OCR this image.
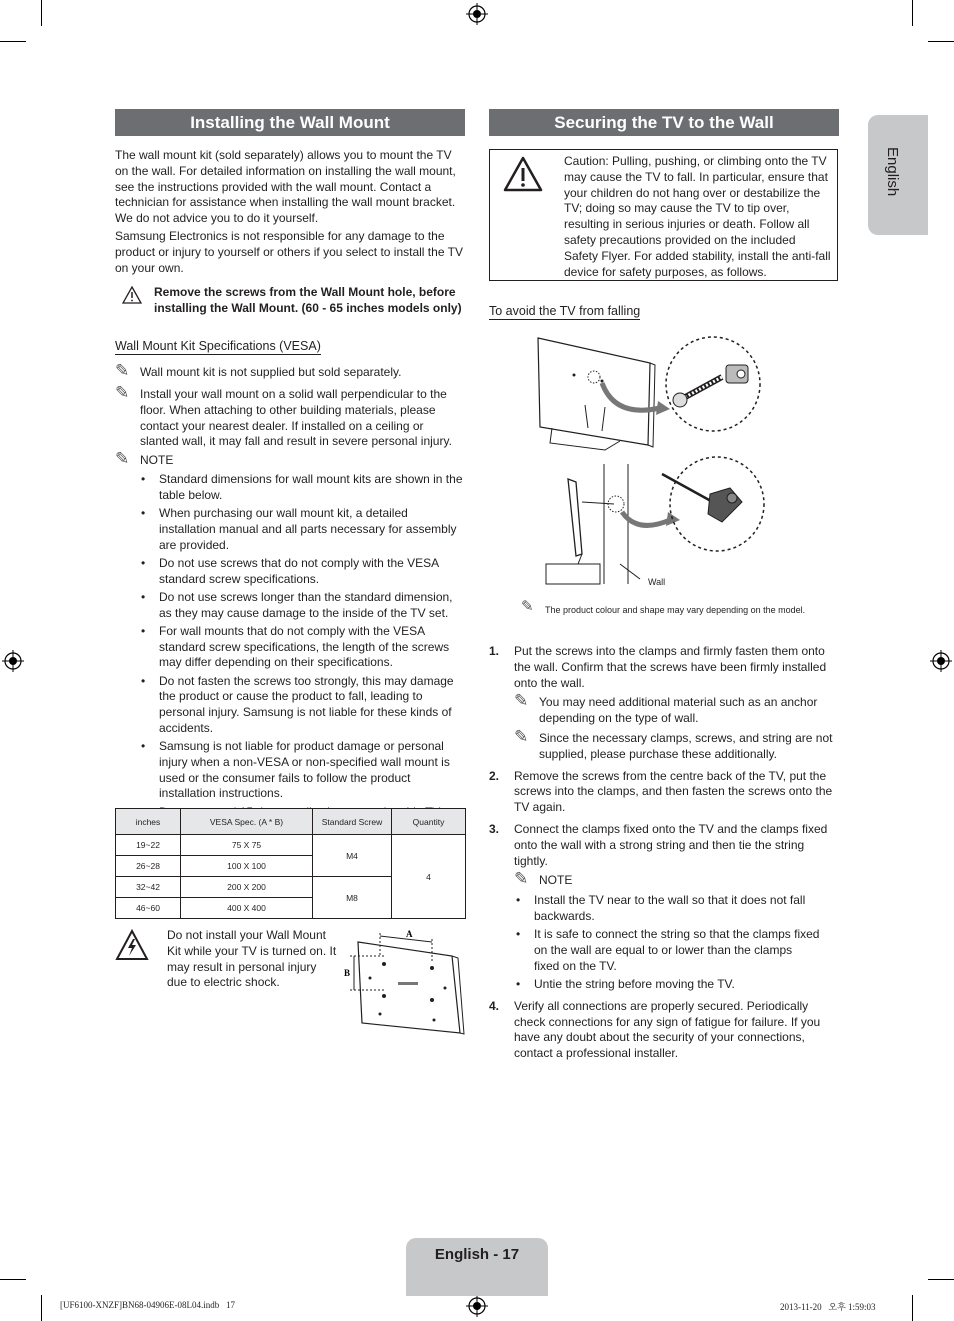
English
Installing the Wall Mount
The wall mount kit (sold separately) allows you to mount the TV on the wall. For detailed information on installing the wall mount, see the instructions provided with the wall mount. Contact a technician for assistance when installing the wall mount bracket. We do not advice you to do it yourself.
Samsung Electronics is not responsible for any damage to the product or injury to yourself or others if you select to install the TV on your own.
Remove the screws from the Wall Mount hole, before installing the Wall Mount. (60 - 65 inches models only)
Wall Mount Kit Specifications (VESA)
✎ Wall mount kit is not supplied but sold separately.
✎ Install your wall mount on a solid wall perpendicular to the floor. When attaching to other building materials, please contact your nearest dealer. If installed on a ceiling or slanted wall, it may fall and result in severe personal injury.
✎ NOTE
• Standard dimensions for wall mount kits are shown in the table below.
• When purchasing our wall mount kit, a detailed installation manual and all parts necessary for assembly are provided.
• Do not use screws that do not comply with the VESA standard screw specifications.
• Do not use screws longer than the standard dimension, as they may cause damage to the inside of the TV set.
• For wall mounts that do not comply with the VESA standard screw specifications, the length of the screws may differ depending on their specifications.
• Do not fasten the screws too strongly, this may damage the product or cause the product to fall, leading to personal injury. Samsung is not liable for these kinds of accidents.
• Samsung is not liable for product damage or personal injury when a non-VESA or non-specified wall mount is used or the consumer fails to follow the product installation instructions.
•
inches	VESA Spec. (A * B)	Standard Screw	Quantity
19~22	75 X 75	M4	4
26~28	100 X 100		
32~42	200 X 200	M8	
46~60	400 X 400		
Do not install your Wall Mount Kit while your TV is turned on. It may result in personal injury due to electric shock.
A
B
Securing the TV to the Wall
Caution: Pulling, pushing, or climbing onto the TV may cause the TV to fall. In particular, ensure that your children do not hang over or destabilize the TV; doing so may cause the TV to tip over, resulting in serious injuries or death. Follow all safety precautions provided on the included Safety Flyer. For added stability, install the anti-fall device for safety purposes, as follows.
To avoid the TV from falling
Wall
✎	The product colour and shape may vary depending on the model.
1. Put the screws into the clamps and firmly fasten them onto the wall. Confirm that the screws have been firmly installed onto the wall.
✎ You may need additional material such as an anchor depending on the type of wall.
✎ Since the necessary clamps, screws, and string are not supplied, please purchase these additionally.
2. Remove the screws from the centre back of the TV, put the screws into the clamps, and then fasten the screws onto the TV again.
3. Connect the clamps fixed onto the TV and the clamps fixed onto the wall with a strong string and then tie the string tightly.
✎ NOTE
• Install the TV near to the wall so that it does not fall backwards.
• It is safe to connect the string so that the clamps fixed on the wall are equal to or lower than the clamps fixed on the TV.
• Untie the string before moving the TV.
4. Verify all connections are properly secured. Periodically check connections for any sign of fatigue for failure. If you have any doubt about the security of your connections, contact a professional installer.
English - 17
[UF6100-XNZF]BN68-04906E-08L04.indb   17	2013-11-20   오후 1:59:03
